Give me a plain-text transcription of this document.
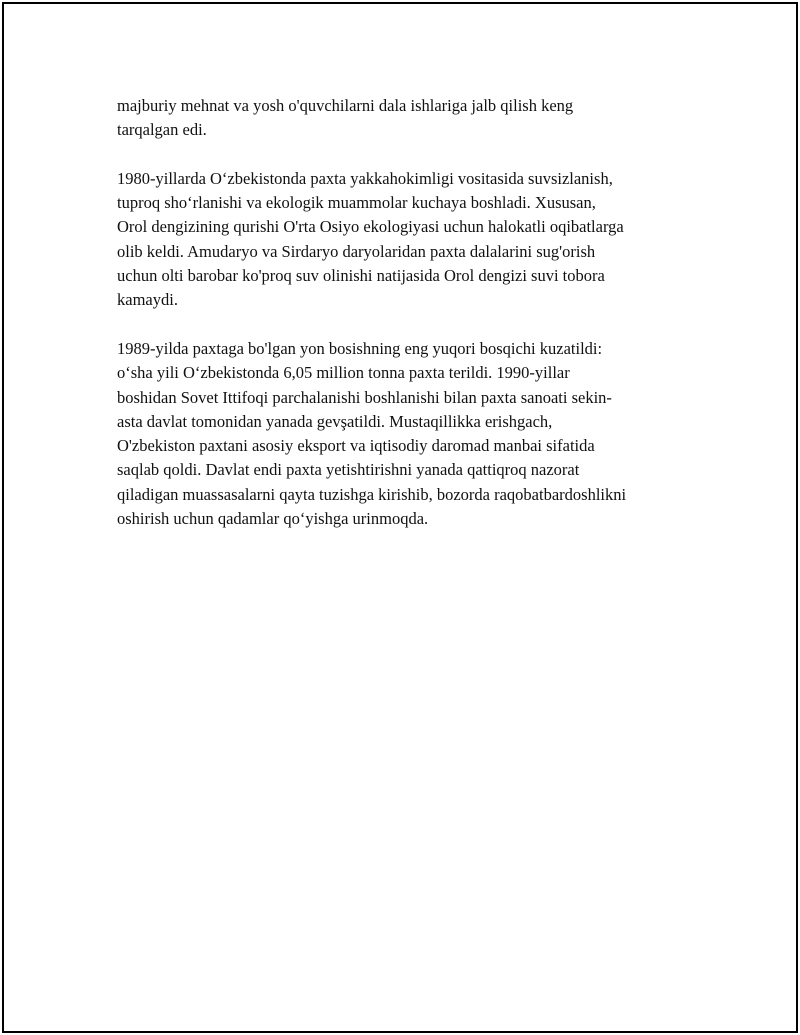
majburiy mehnat va yosh o'quvchilarni dala ishlariga jalb qilish keng
tarqalgan edi.

1980-yillarda O‘zbekistonda paxta yakkahokimligi vositasida suvsizlanish,
tuproq sho‘rlanishi va ekologik muammolar kuchaya boshladi. Xususan,
Orol dengizining qurishi O'rta Osiyo ekologiyasi uchun halokatli oqibatlarga
olib keldi. Amudaryo va Sirdaryo daryolaridan paxta dalalarini sug'orish
uchun olti barobar ko'proq suv olinishi natijasida Orol dengizi suvi tobora
kamaydi.

1989-yilda paxtaga bo'lgan yon bosishning eng yuqori bosqichi kuzatildi:
o‘sha yili O‘zbekistonda 6,05 million tonna paxta terildi. 1990-yillar
boshidan Sovet Ittifoqi parchalanishi boshlanishi bilan paxta sanoati sekin-
asta davlat tomonidan yanada gevşatildi. Mustaqillikka erishgach,
O'zbekiston paxtani asosiy eksport va iqtisodiy daromad manbai sifatida
saqlab qoldi. Davlat endi paxta yetishtirishni yanada qattiqroq nazorat
qiladigan muassasalarni qayta tuzishga kirishib, bozorda raqobatbardoshlikni
oshirish uchun qadamlar qo‘yishga urinmoqda.
